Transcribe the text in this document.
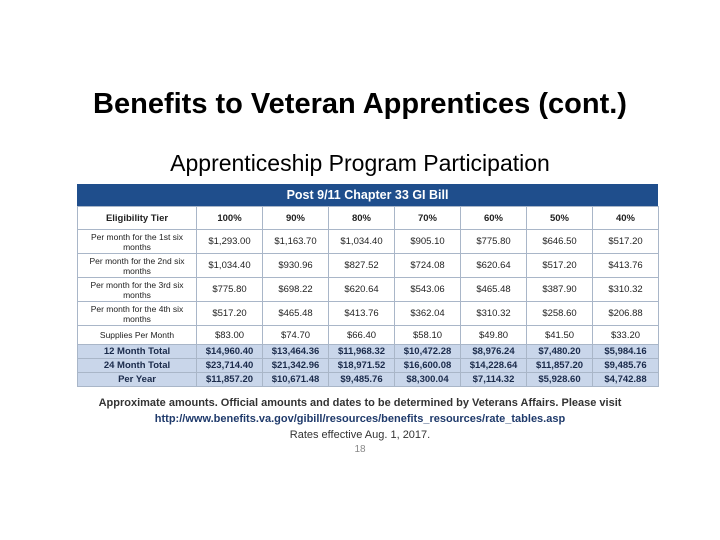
Benefits to Veteran Apprentices (cont.)
Apprenticeship Program Participation
Post 9/11 Chapter 33 GI Bill
Eligibility Tier	100%	90%	80%	70%	60%	50%	40%
Per month for the 1st six months	$1,293.00	$1,163.70	$1,034.40	$905.10	$775.80	$646.50	$517.20
Per month for the 2nd six months	$1,034.40	$930.96	$827.52	$724.08	$620.64	$517.20	$413.76
Per month for the 3rd six months	$775.80	$698.22	$620.64	$543.06	$465.48	$387.90	$310.32
Per month for the 4th six months	$517.20	$465.48	$413.76	$362.04	$310.32	$258.60	$206.88
Supplies Per Month	$83.00	$74.70	$66.40	$58.10	$49.80	$41.50	$33.20
12 Month Total	$14,960.40	$13,464.36	$11,968.32	$10,472.28	$8,976.24	$7,480.20	$5,984.16
24 Month Total	$23,714.40	$21,342.96	$18,971.52	$16,600.08	$14,228.64	$11,857.20	$9,485.76
Per Year	$11,857.20	$10,671.48	$9,485.76	$8,300.04	$7,114.32	$5,928.60	$4,742.88
Approximate amounts. Official amounts and dates to be determined by Veterans Affairs. Please visit
http://www.benefits.va.gov/gibill/resources/benefits_resources/rate_tables.asp
Rates effective Aug. 1, 2017.
18
